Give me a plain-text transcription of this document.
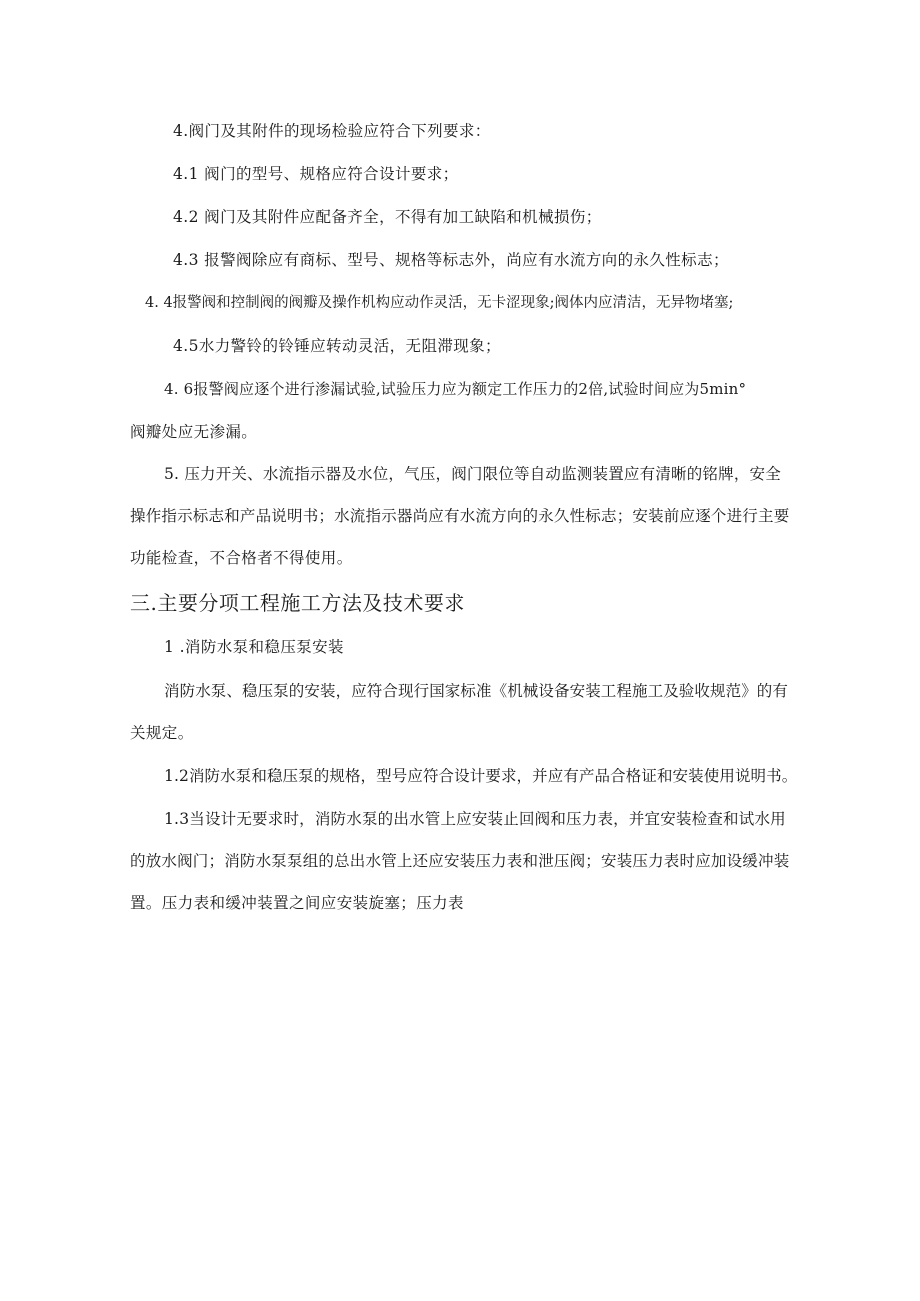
4.阀门及其附件的现场检验应符合下列要求：
4.1 阀门的型号、规格应符合设计要求；
4.2 阀门及其附件应配备齐全，不得有加工缺陷和机械损伤；
4.3 报警阀除应有商标、型号、规格等标志外，尚应有水流方向的永久性标志；
4. 4报警阀和控制阀的阀瓣及操作机构应动作灵活，无卡涩现象;阀体内应清洁，无异物堵塞;
4.5水力警铃的铃锤应转动灵活，无阻滞现象；
4. 6报警阀应逐个进行渗漏试验,试验压力应为额定工作压力的2倍,试验时间应为5min°
阀瓣处应无渗漏。
5. 压力开关、水流指示器及水位，气压，阀门限位等自动监测装置应有清晰的铭牌，安全
操作指示标志和产品说明书；水流指示器尚应有水流方向的永久性标志；安装前应逐个进行主要
功能检查，不合格者不得使用。
三.主要分项工程施工方法及技术要求
1 .消防水泵和稳压泵安装
消防水泵、稳压泵的安装，应符合现行国家标准《机械设备安装工程施工及验收规范》的有
关规定。
1.2消防水泵和稳压泵的规格，型号应符合设计要求，并应有产品合格证和安装使用说明书。
1.3当设计无要求时，消防水泵的出水管上应安装止回阀和压力表，并宜安装检查和试水用
的放水阀门；消防水泵泵组的总出水管上还应安装压力表和泄压阀；安装压力表时应加设缓冲装
置。压力表和缓冲装置之间应安装旋塞；压力表
